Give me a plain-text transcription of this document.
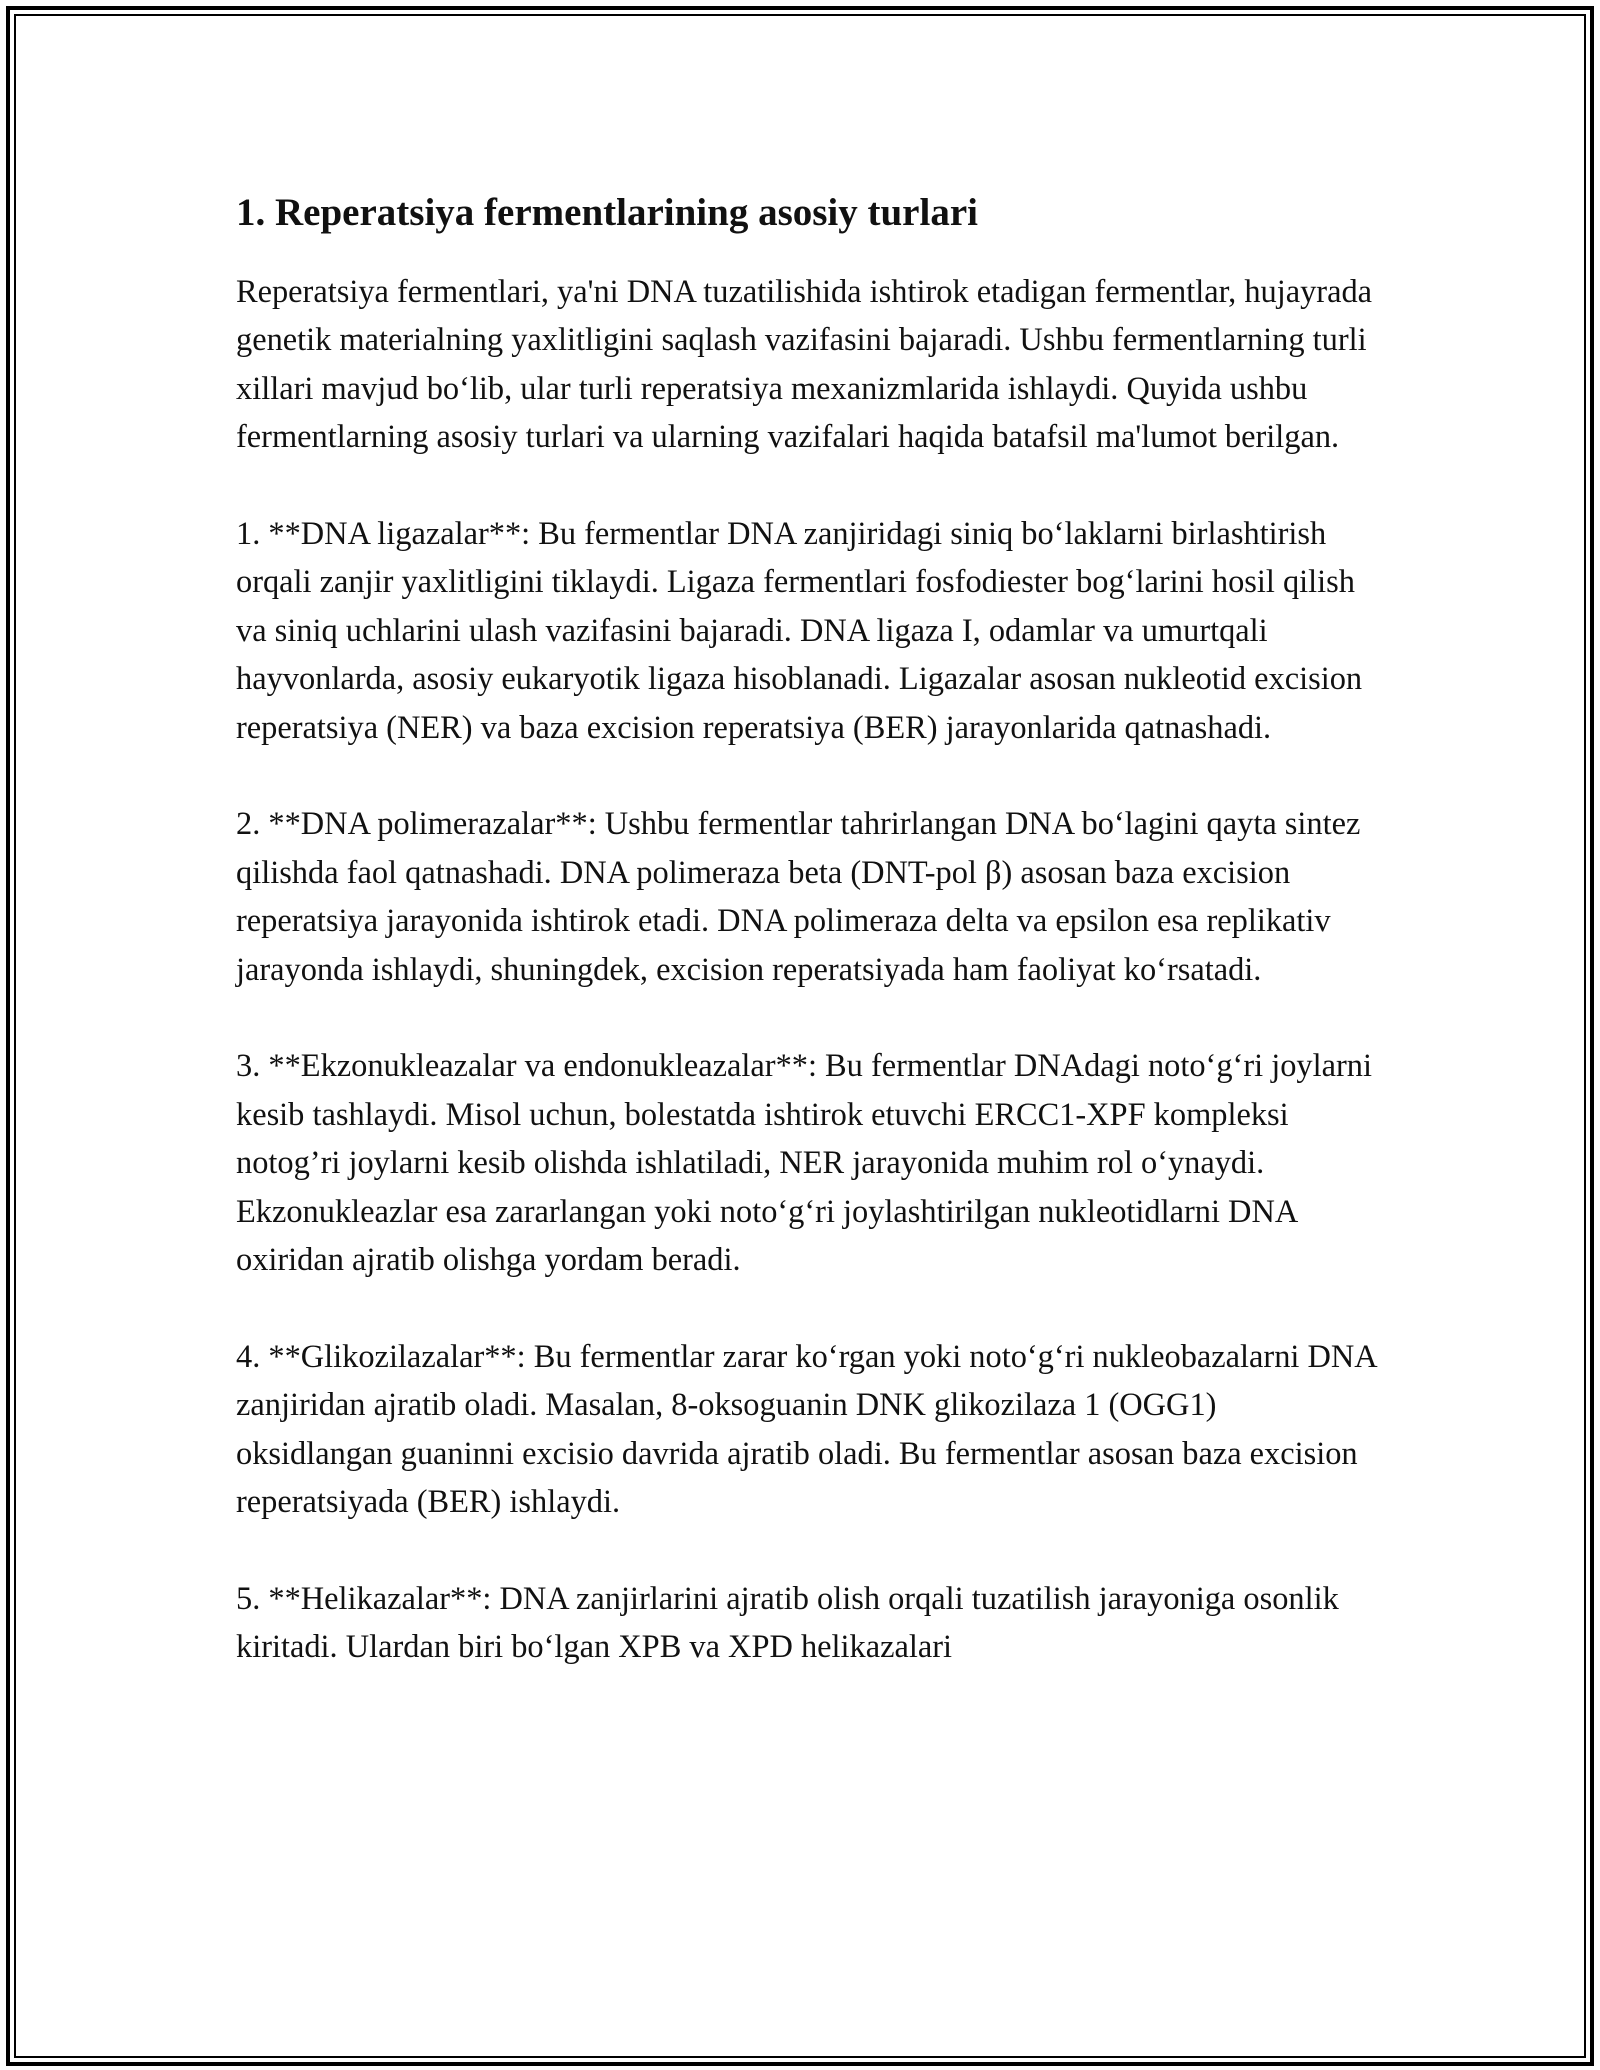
1. Reperatsiya fermentlarining asosiy turlari

Reperatsiya fermentlari, ya'ni DNA tuzatilishida ishtirok etadigan fermentlar, hujayrada genetik materialning yaxlitligini saqlash vazifasini bajaradi. Ushbu fermentlarning turli xillari mavjud bo‘lib, ular turli reperatsiya mexanizmlarida ishlaydi. Quyida ushbu fermentlarning asosiy turlari va ularning vazifalari haqida batafsil ma'lumot berilgan.

1. **DNA ligazalar**: Bu fermentlar DNA zanjiridagi siniq bo‘laklarni birlashtirish orqali zanjir yaxlitligini tiklaydi. Ligaza fermentlari fosfodiester bog‘larini hosil qilish va siniq uchlarini ulash vazifasini bajaradi. DNA ligaza I, odamlar va umurtqali hayvonlarda, asosiy eukaryotik ligaza hisoblanadi. Ligazalar asosan nukleotid excision reperatsiya (NER) va baza excision reperatsiya (BER) jarayonlarida qatnashadi.

2. **DNA polimerazalar**: Ushbu fermentlar tahrirlangan DNA bo‘lagini qayta sintez qilishda faol qatnashadi. DNA polimeraza beta (DNT-pol β) asosan baza excision reperatsiya jarayonida ishtirok etadi. DNA polimeraza delta va epsilon esa replikativ jarayonda ishlaydi, shuningdek, excision reperatsiyada ham faoliyat ko‘rsatadi.

3. **Ekzonukleazalar va endonukleazalar**: Bu fermentlar DNAdagi noto‘g‘ri joylarni kesib tashlaydi. Misol uchun, bolestatda ishtirok etuvchi ERCC1-XPF kompleksi notog’ri joylarni kesib olishda ishlatiladi, NER jarayonida muhim rol o‘ynaydi. Ekzonukleazlar esa zararlangan yoki noto‘g‘ri joylashtirilgan nukleotidlarni DNA oxiridan ajratib olishga yordam beradi.

4. **Glikozilazalar**: Bu fermentlar zarar ko‘rgan yoki noto‘g‘ri nukleobazalarni DNA zanjiridan ajratib oladi. Masalan, 8-oksoguanin DNK glikozilaza 1 (OGG1) oksidlangan guaninni excisio davrida ajratib oladi. Bu fermentlar asosan baza excision reperatsiyada (BER) ishlaydi.

5. **Helikazalar**: DNA zanjirlarini ajratib olish orqali tuzatilish jarayoniga osonlik kiritadi. Ulardan biri bo‘lgan XPB va XPD helikazalari
